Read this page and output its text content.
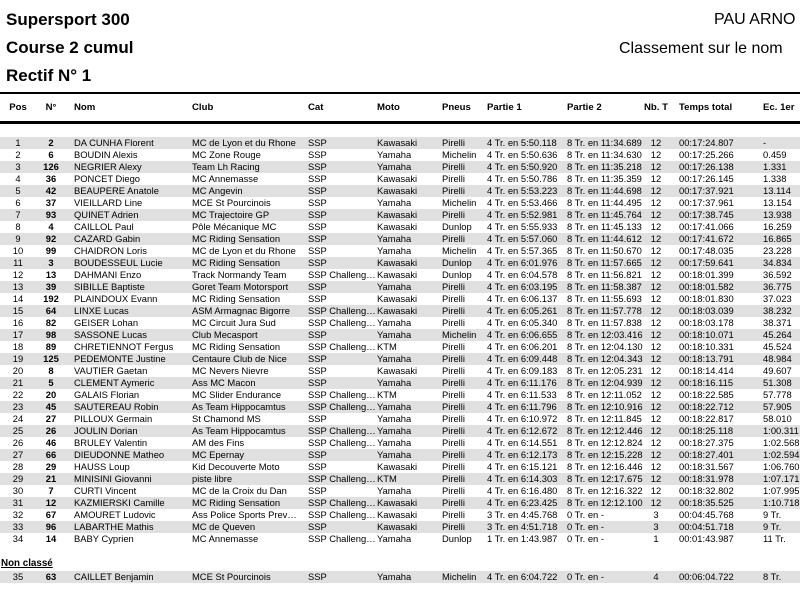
Supersport 300
Course 2 cumul
Rectif N° 1
PAU ARNO
Classement sur le nom
Pos	N°	Nom	Club	Cat	Moto	Pneus	Partie 1	Partie 2	Nb. T	Temps total	Ec. 1er

1	2	DA CUNHA Florent	MC de Lyon et du Rhone	SSP	Kawasaki	Pirelli	4 Tr. en 5:50.118	8 Tr. en 11:34.689	12	00:17:24.807	-
2	6	BOUDIN Alexis	MC Zone Rouge	SSP	Yamaha	Michelin	4 Tr. en 5:50.636	8 Tr. en 11:34.630	12	00:17:25.266	0.459
3	126	NEGRIER Alexy	Team Lh Racing	SSP	Yamaha	Pirelli	4 Tr. en 5:50.920	8 Tr. en 11:35.218	12	00:17:26.138	1.331
4	36	PONCET Diego	MC Annemasse	SSP	Kawasaki	Pirelli	4 Tr. en 5:50.786	8 Tr. en 11:35.359	12	00:17:26.145	1.338
5	42	BEAUPERE Anatole	MC Angevin	SSP	Kawasaki	Pirelli	4 Tr. en 5:53.223	8 Tr. en 11:44.698	12	00:17:37.921	13.114
6	37	VIEILLARD Line	MCE St Pourcinois	SSP	Yamaha	Michelin	4 Tr. en 5:53.466	8 Tr. en 11:44.495	12	00:17:37.961	13.154
7	93	QUINET Adrien	MC Trajectoire GP	SSP	Kawasaki	Pirelli	4 Tr. en 5:52.981	8 Tr. en 11:45.764	12	00:17:38.745	13.938
8	4	CAILLOL Paul	Pôle Mécanique MC	SSP	Kawasaki	Dunlop	4 Tr. en 5:55.933	8 Tr. en 11:45.133	12	00:17:41.066	16.259
9	92	CAZARD Gabin	MC Riding Sensation	SSP	Yamaha	Pirelli	4 Tr. en 5:57.060	8 Tr. en 11:44.612	12	00:17:41.672	16.865
10	99	CHAIDRON Loris	MC de Lyon et du Rhone	SSP	Yamaha	Michelin	4 Tr. en 5:57.365	8 Tr. en 11:50.670	12	00:17:48.035	23.228
11	3	BOUDESSEUL Lucie	MC Riding Sensation	SSP	Kawasaki	Dunlop	4 Tr. en 6:01.976	8 Tr. en 11:57.665	12	00:17:59.641	34.834
12	13	DAHMANI Enzo	Track Normandy Team	SSP Challeng…	Kawasaki	Dunlop	4 Tr. en 6:04.578	8 Tr. en 11:56.821	12	00:18:01.399	36.592
13	39	SIBILLE Baptiste	Goret Team Motorsport	SSP	Yamaha	Pirelli	4 Tr. en 6:03.195	8 Tr. en 11:58.387	12	00:18:01.582	36.775
14	192	PLAINDOUX Evann	MC Riding Sensation	SSP	Kawasaki	Pirelli	4 Tr. en 6:06.137	8 Tr. en 11:55.693	12	00:18:01.830	37.023
15	64	LINXE Lucas	ASM Armagnac Bigorre	SSP Challeng…	Kawasaki	Pirelli	4 Tr. en 6:05.261	8 Tr. en 11:57.778	12	00:18:03.039	38.232
16	82	GEISER Lohan	MC Circuit Jura Sud	SSP Challeng…	Yamaha	Pirelli	4 Tr. en 6:05.340	8 Tr. en 11:57.838	12	00:18:03.178	38.371
17	98	SASSONE Lucas	Club Mecasport	SSP	Yamaha	Michelin	4 Tr. en 6:06.655	8 Tr. en 12:03.416	12	00:18:10.071	45.264
18	89	CHRETIENNOT Fergus	MC Riding Sensation	SSP Challeng…	KTM	Pirelli	4 Tr. en 6:06.201	8 Tr. en 12:04.130	12	00:18:10.331	45.524
19	125	PEDEMONTE Justine	Centaure Club de Nice	SSP	Yamaha	Pirelli	4 Tr. en 6:09.448	8 Tr. en 12:04.343	12	00:18:13.791	48.984
20	8	VAUTIER Gaetan	MC Nevers Nievre	SSP	Kawasaki	Pirelli	4 Tr. en 6:09.183	8 Tr. en 12:05.231	12	00:18:14.414	49.607
21	5	CLEMENT Aymeric	Ass MC Macon	SSP	Yamaha	Pirelli	4 Tr. en 6:11.176	8 Tr. en 12:04.939	12	00:18:16.115	51.308
22	20	GALAIS Florian	MC Slider Endurance	SSP Challeng…	KTM	Pirelli	4 Tr. en 6:11.533	8 Tr. en 12:11.052	12	00:18:22.585	57.778
23	45	SAUTEREAU Robin	As Team Hippocamtus	SSP Challeng…	Yamaha	Pirelli	4 Tr. en 6:11.796	8 Tr. en 12:10.916	12	00:18:22.712	57.905
24	27	PILLOUX Germain	St Chamond MS	SSP	Yamaha	Pirelli	4 Tr. en 6:10.972	8 Tr. en 12:11.845	12	00:18:22.817	58.010
25	26	JOULIN Dorian	As Team Hippocamtus	SSP Challeng…	Yamaha	Pirelli	4 Tr. en 6:12.672	8 Tr. en 12:12.446	12	00:18:25.118	1:00.311
26	46	BRULEY Valentin	AM des Fins	SSP Challeng…	Yamaha	Pirelli	4 Tr. en 6:14.551	8 Tr. en 12:12.824	12	00:18:27.375	1:02.568
27	66	DIEUDONNE Matheo	MC Epernay	SSP	Yamaha	Pirelli	4 Tr. en 6:12.173	8 Tr. en 12:15.228	12	00:18:27.401	1:02.594
28	29	HAUSS Loup	Kid Decouverte Moto	SSP	Kawasaki	Pirelli	4 Tr. en 6:15.121	8 Tr. en 12:16.446	12	00:18:31.567	1:06.760
29	21	MINISINI Giovanni	piste libre	SSP Challeng…	KTM	Pirelli	4 Tr. en 6:14.303	8 Tr. en 12:17.675	12	00:18:31.978	1:07.171
30	7	CURTI Vincent	MC de la Croix du Dan	SSP	Yamaha	Pirelli	4 Tr. en 6:16.480	8 Tr. en 12:16.322	12	00:18:32.802	1:07.995
31	12	KAZMIERSKI Camille	MC Riding Sensation	SSP Challeng…	Kawasaki	Pirelli	4 Tr. en 6:23.425	8 Tr. en 12:12.100	12	00:18:35.525	1:10.718
32	67	AMOURET Ludovic	Ass Police Sports Prev…	SSP Challeng…	Kawasaki	Pirelli	3 Tr. en 4:45.768	0 Tr. en -	3	00:04:45.768	9 Tr.
33	96	LABARTHE Mathis	MC de Queven	SSP	Kawasaki	Pirelli	3 Tr. en 4:51.718	0 Tr. en -	3	00:04:51.718	9 Tr.
34	14	BABY Cyprien	MC Annemasse	SSP Challeng…	Yamaha	Dunlop	1 Tr. en 1:43.987	0 Tr. en -	1	00:01:43.987	11 Tr.

Non classé											
35	63	CAILLET Benjamin	MCE St Pourcinois	SSP	Yamaha	Michelin	4 Tr. en 6:04.722	0 Tr. en -	4	00:06:04.722	8 Tr.
